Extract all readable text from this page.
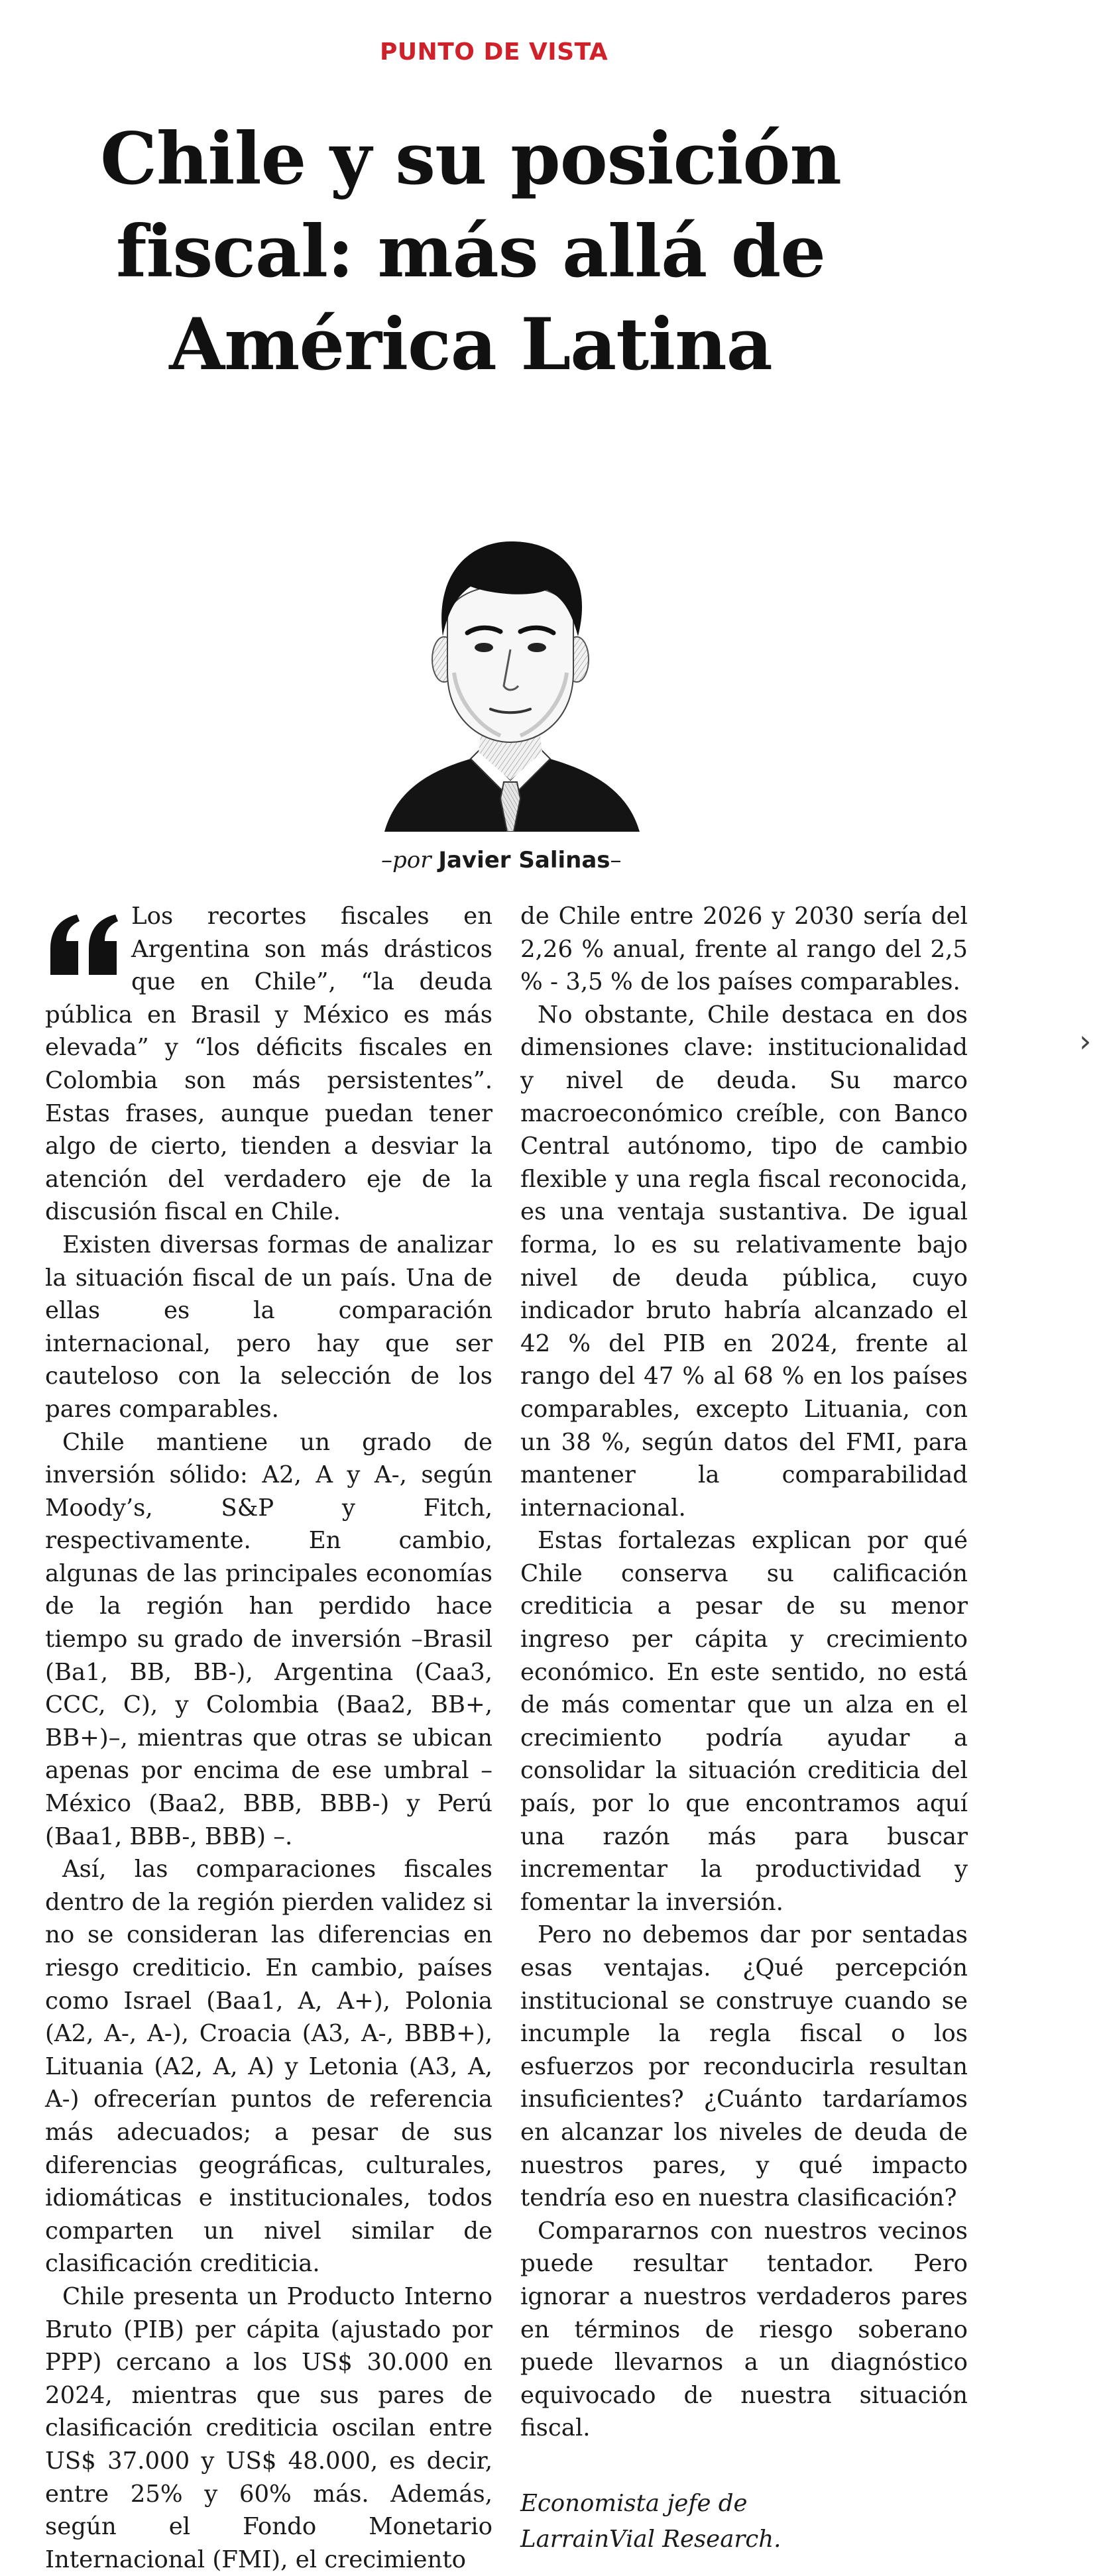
PUNTO DE VISTA
Chile y su posición
fiscal: más allá de
América Latina
–por Javier Salinas–

Los recortes fiscales en Argentina son más drásticos que en Chile”, “la deuda pública en Brasil y México es más elevada” y “los déficits fiscales en Colombia son más persistentes”. Estas frases, aunque puedan tener algo de cierto, tienden a desviar la atención del verdadero eje de la discusión fiscal en Chile.

Existen diversas formas de analizar la situación fiscal de un país. Una de ellas es la comparación internacional, pero hay que ser cauteloso con la selección de los pares comparables.

Chile mantiene un grado de inversión sólido: A2, A y A-, según Moody’s, S&P y Fitch, respectivamente. En cambio, algunas de las principales economías de la región han perdido hace tiempo su grado de inversión –Brasil (Ba1, BB, BB-), Argentina (Caa3, CCC, C), y Colombia (Baa2, BB+, BB+)–, mientras que otras se ubican apenas por encima de ese umbral –México (Baa2, BBB, BBB-) y Perú (Baa1, BBB-, BBB) –.

Así, las comparaciones fiscales dentro de la región pierden validez si no se consideran las diferencias en riesgo crediticio. En cambio, países como Israel (Baa1, A, A+), Polonia (A2, A-, A-), Croacia (A3, A-, BBB+), Lituania (A2, A, A) y Letonia (A3, A, A-) ofrecerían puntos de referencia más adecuados; a pesar de sus diferencias geográficas, culturales, idiomáticas e institucionales, todos comparten un nivel similar de clasificación crediticia.

Chile presenta un Producto Interno Bruto (PIB) per cápita (ajustado por PPP) cercano a los US$ 30.000 en 2024, mientras que sus pares de clasificación crediticia oscilan entre US$ 37.000 y US$ 48.000, es decir, entre 25% y 60% más. Además, según el Fondo Monetario Internacional (FMI), el crecimiento

de Chile entre 2026 y 2030 sería del 2,26 % anual, frente al rango del 2,5 % - 3,5 % de los países comparables.

No obstante, Chile destaca en dos dimensiones clave: institucionalidad y nivel de deuda. Su marco macroeconómico creíble, con Banco Central autónomo, tipo de cambio flexible y una regla fiscal reconocida, es una ventaja sustantiva. De igual forma, lo es su relativamente bajo nivel de deuda pública, cuyo indicador bruto habría alcanzado el 42 % del PIB en 2024, frente al rango del 47 % al 68 % en los países comparables, excepto Lituania, con un 38 %, según datos del FMI, para mantener la comparabilidad internacional.

Estas fortalezas explican por qué Chile conserva su calificación crediticia a pesar de su menor ingreso per cápita y crecimiento económico. En este sentido, no está de más comentar que un alza en el crecimiento podría ayudar a consolidar la situación crediticia del país, por lo que encontramos aquí una razón más para buscar incrementar la productividad y fomentar la inversión.

Pero no debemos dar por sentadas esas ventajas. ¿Qué percepción institucional se construye cuando se incumple la regla fiscal o los esfuerzos por reconducirla resultan insuficientes? ¿Cuánto tardaríamos en alcanzar los niveles de deuda de nuestros pares, y qué impacto tendría eso en nuestra clasificación?

Compararnos con nuestros vecinos puede resultar tentador. Pero ignorar a nuestros verdaderos pares en términos de riesgo soberano puede llevarnos a un diagnóstico equivocado de nuestra situación fiscal.

Economista jefe de
LarrainVial Research.

›
